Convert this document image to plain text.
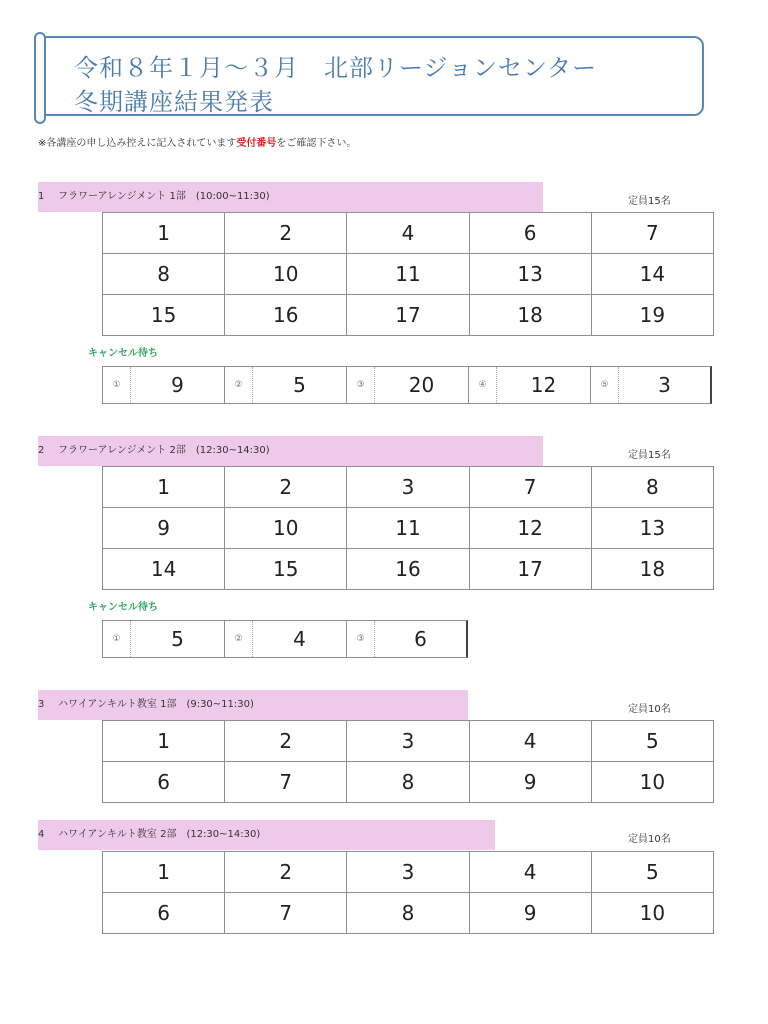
令和８年１月～３月　北部リージョンセンター
冬期講座結果発表
※各講座の申し込み控えに記入されています受付番号をご確認下さい。
1 フラワーアレンジメント 1部　(10:00~11:30)	定員15名
1	2	4	6	7
8	10	11	13	14
15	16	17	18	19
キャンセル待ち
①	9	②	5	③	20	④	12	⑤	3
2 フラワーアレンジメント 2部　(12:30~14:30)	定員15名
1	2	3	7	8
9	10	11	12	13
14	15	16	17	18
キャンセル待ち
①	5	②	4	③	6
3 ハワイアンキルト教室 1部　(9:30~11:30)	定員10名
1	2	3	4	5
6	7	8	9	10
4 ハワイアンキルト教室 2部　(12:30~14:30)	定員10名
1	2	3	4	5
6	7	8	9	10
